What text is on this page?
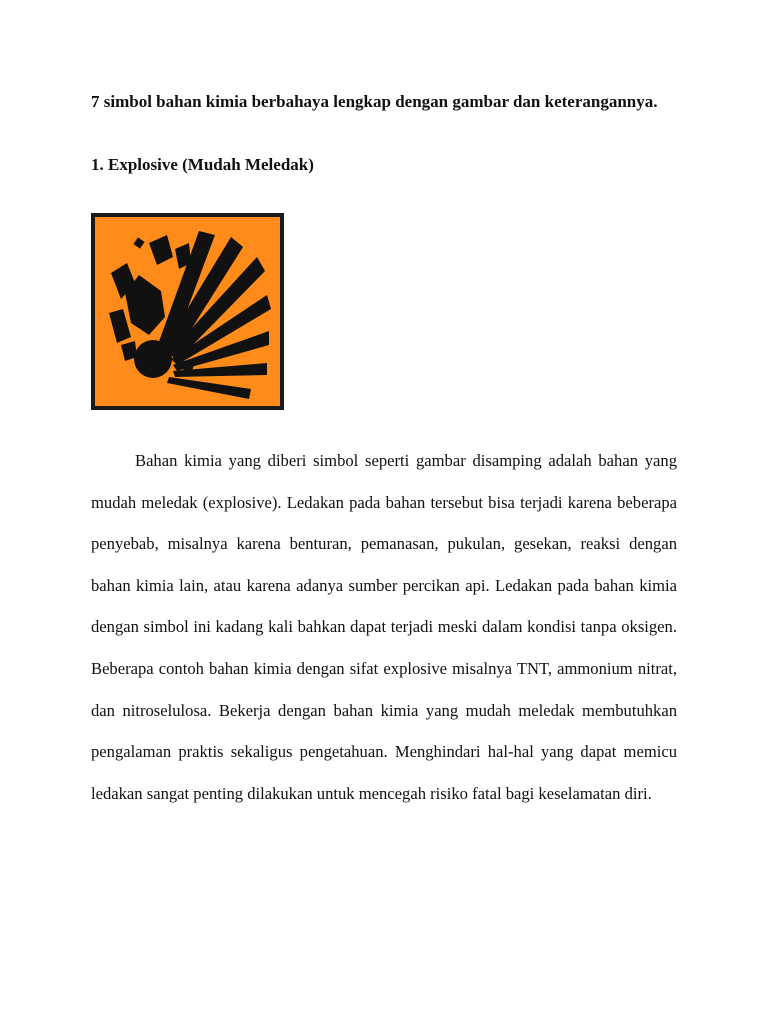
7 simbol bahan kimia berbahaya lengkap dengan gambar dan keterangannya.
1. Explosive (Mudah Meledak)

Bahan kimia yang diberi simbol seperti gambar disamping adalah bahan yang mudah meledak (explosive). Ledakan pada bahan tersebut bisa terjadi karena beberapa penyebab, misalnya karena benturan, pemanasan, pukulan, gesekan, reaksi dengan bahan kimia lain, atau karena adanya sumber percikan api. Ledakan pada bahan kimia dengan simbol ini kadang kali bahkan dapat terjadi meski dalam kondisi tanpa oksigen. Beberapa contoh bahan kimia dengan sifat explosive misalnya TNT, ammonium nitrat, dan nitroselulosa. Bekerja dengan bahan kimia yang mudah meledak membutuhkan pengalaman praktis sekaligus pengetahuan. Menghindari hal-hal yang dapat memicu ledakan sangat penting dilakukan untuk mencegah risiko fatal bagi keselamatan diri.
